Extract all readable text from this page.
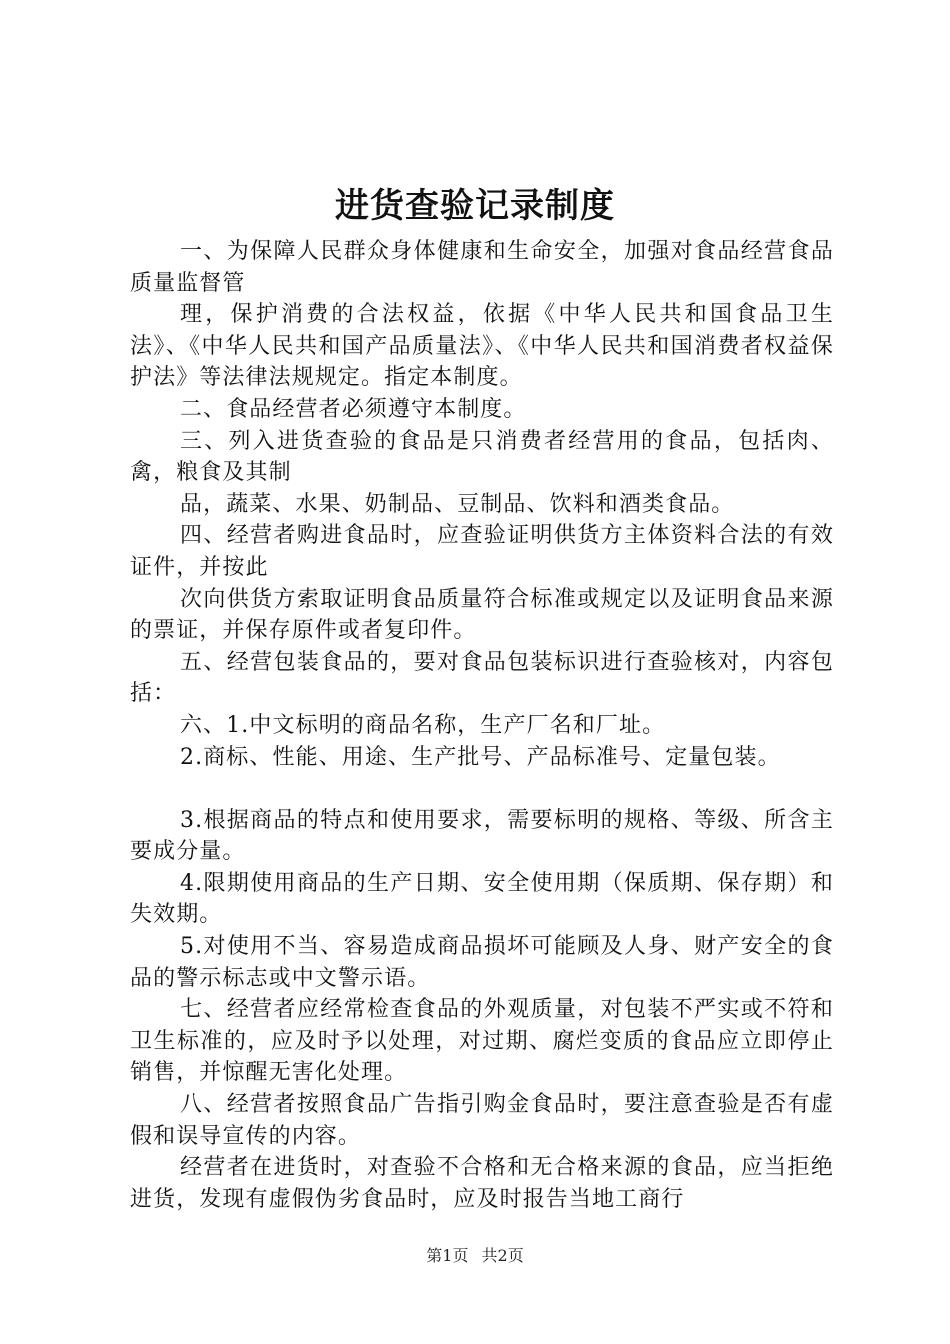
进货查验记录制度

一、为保障人民群众身体健康和生命安全，加强对食品经营食品质量监督管

理，保护消费的合法权益，依据《中华人民共和国食品卫生法》、《中华人民共和国产品质量法》、《中华人民共和国消费者权益保护法》等法律法规规定。指定本制度。

二、食品经营者必须遵守本制度。

三、列入进货查验的食品是只消费者经营用的食品，包括肉、禽，粮食及其制

品，蔬菜、水果、奶制品、豆制品、饮料和酒类食品。

四、经营者购进食品时，应查验证明供货方主体资料合法的有效证件，并按此

次向供货方索取证明食品质量符合标准或规定以及证明食品来源的票证，并保存原件或者复印件。

五、经营包装食品的，要对食品包装标识进行查验核对，内容包括：

六、1.中文标明的商品名称，生产厂名和厂址。

2.商标、性能、用途、生产批号、产品标准号、定量包装。

3.根据商品的特点和使用要求，需要标明的规格、等级、所含主要成分量。

4.限期使用商品的生产日期、安全使用期（保质期、保存期）和失效期。

5.对使用不当、容易造成商品损坏可能顾及人身、财产安全的食品的警示标志或中文警示语。

七、经营者应经常检查食品的外观质量，对包装不严实或不符和卫生标准的，应及时予以处理，对过期、腐烂变质的食品应立即停止销售，并惊醒无害化处理。

八、经营者按照食品广告指引购金食品时，要注意查验是否有虚假和误导宣传的内容。

经营者在进货时，对查验不合格和无合格来源的食品，应当拒绝进货，发现有虚假伪劣食品时，应及时报告当地工商行

第1页 共2页
